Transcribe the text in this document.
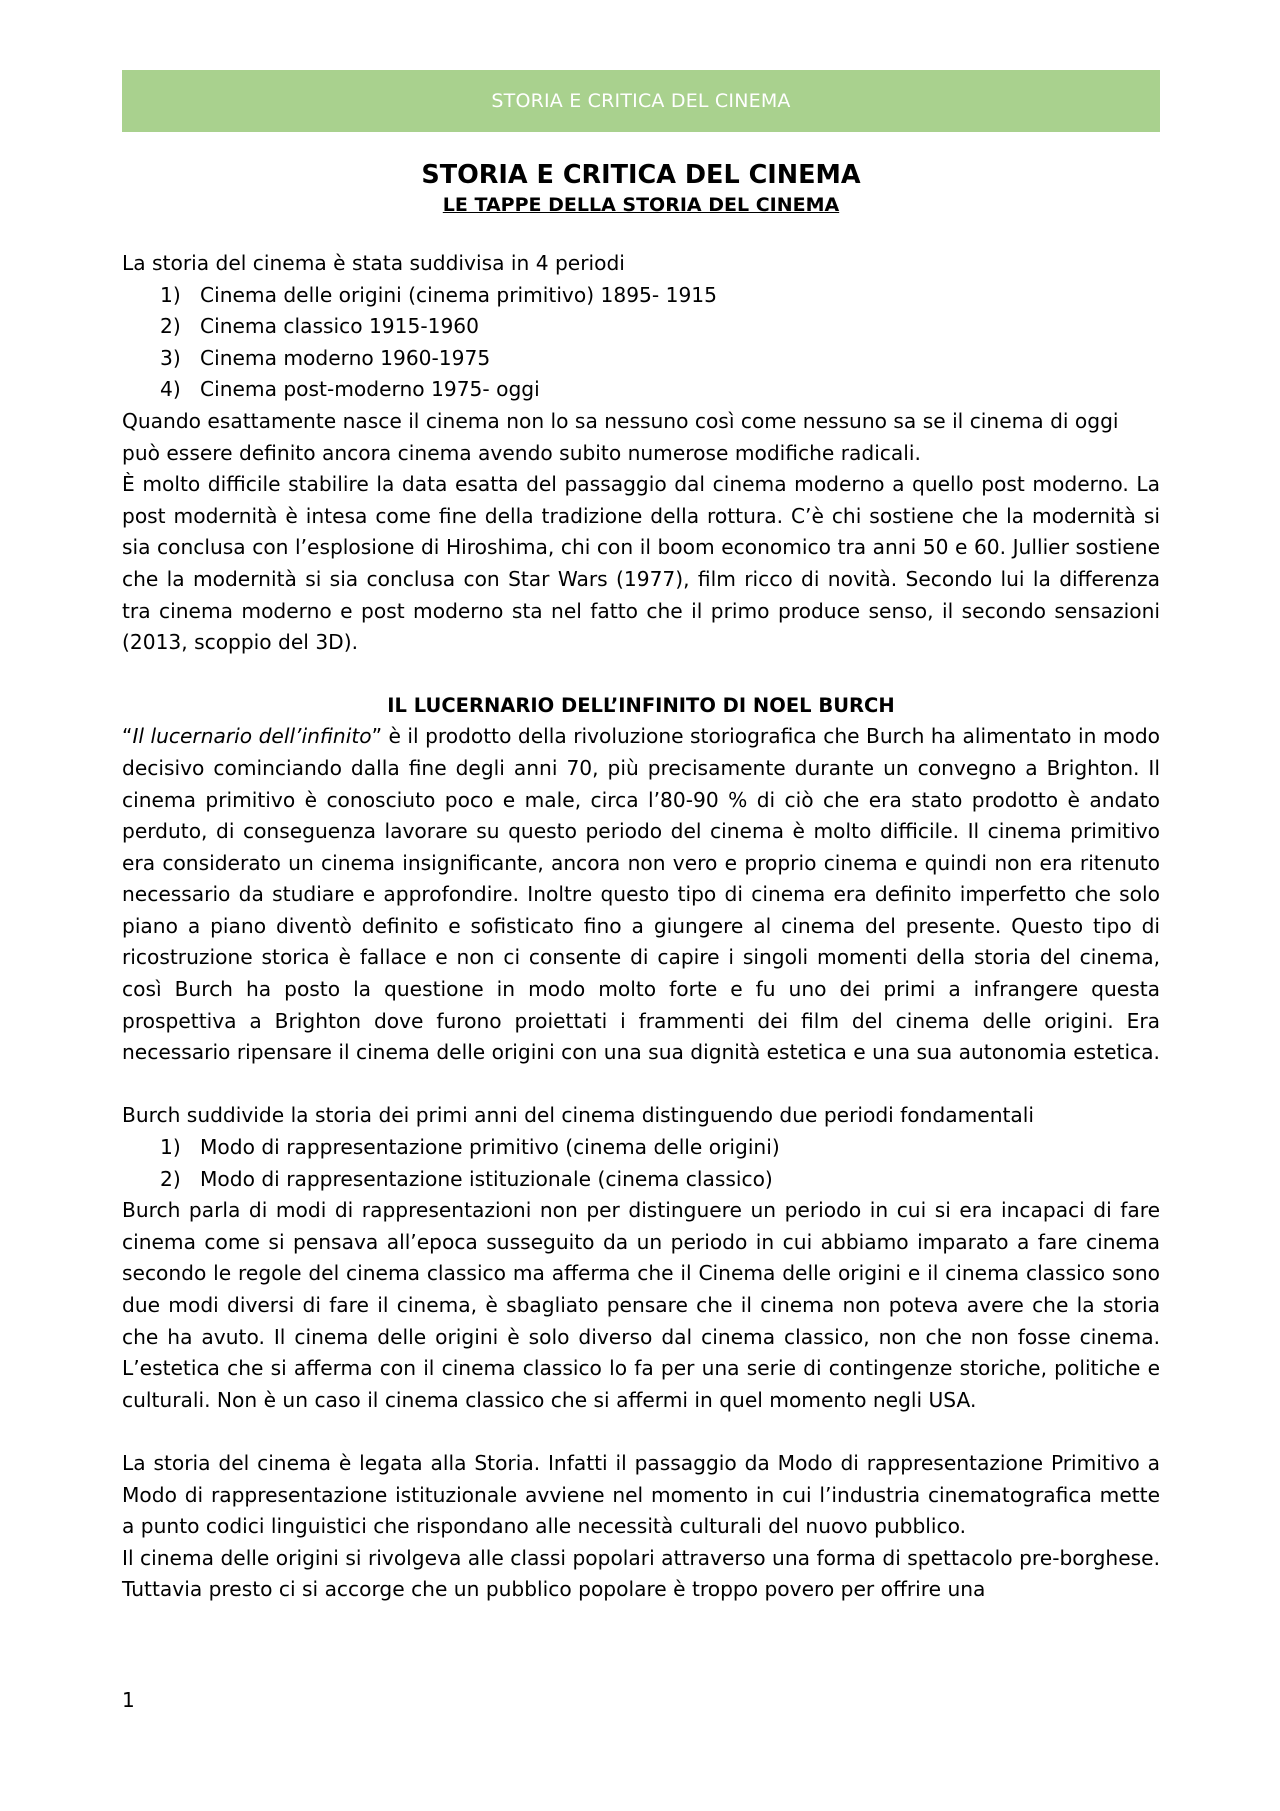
STORIA E CRITICA DEL CINEMA
STORIA E CRITICA DEL CINEMA
LE TAPPE DELLA STORIA DEL CINEMA

La storia del cinema è stata suddivisa in 4 periodi

1) Cinema delle origini (cinema primitivo) 1895- 1915
2) Cinema classico 1915-1960
3) Cinema moderno 1960-1975
4) Cinema post-moderno 1975- oggi

Quando esattamente nasce il cinema non lo sa nessuno così come nessuno sa se il cinema di oggi può essere definito ancora cinema avendo subito numerose modifiche radicali.

È molto difficile stabilire la data esatta del passaggio dal cinema moderno a quello post moderno. La post modernità è intesa come fine della tradizione della rottura. C’è chi sostiene che la modernità si sia conclusa con l’esplosione di Hiroshima, chi con il boom economico tra anni 50 e 60. Jullier sostiene che la modernità si sia conclusa con Star Wars (1977), film ricco di novità. Secondo lui la differenza tra cinema moderno e post moderno sta nel fatto che il primo produce senso, il secondo sensazioni (2013, scoppio del 3D).

IL LUCERNARIO DELL’INFINITO DI NOEL BURCH

“Il lucernario dell’infinito” è il prodotto della rivoluzione storiografica che Burch ha alimentato in modo decisivo cominciando dalla fine degli anni 70, più precisamente durante un convegno a Brighton. Il cinema primitivo è conosciuto poco e male, circa l’80-90 % di ciò che era stato prodotto è andato perduto, di conseguenza lavorare su questo periodo del cinema è molto difficile. Il cinema primitivo era considerato un cinema insignificante, ancora non vero e proprio cinema e quindi non era ritenuto necessario da studiare e approfondire. Inoltre questo tipo di cinema era definito imperfetto che solo piano a piano diventò definito e sofisticato fino a giungere al cinema del presente. Questo tipo di ricostruzione storica è fallace e non ci consente di capire i singoli momenti della storia del cinema, così Burch ha posto la questione in modo molto forte e fu uno dei primi a infrangere questa prospettiva a Brighton dove furono proiettati i frammenti dei film del cinema delle origini. Era necessario ripensare il cinema delle origini con una sua dignità estetica e una sua autonomia estetica.

Burch suddivide la storia dei primi anni del cinema distinguendo due periodi fondamentali

1) Modo di rappresentazione primitivo (cinema delle origini)
2) Modo di rappresentazione istituzionale (cinema classico)

Burch parla di modi di rappresentazioni non per distinguere un periodo in cui si era incapaci di fare cinema come si pensava all’epoca susseguito da un periodo in cui abbiamo imparato a fare cinema secondo le regole del cinema classico ma afferma che il Cinema delle origini e il cinema classico sono due modi diversi di fare il cinema, è sbagliato pensare che il cinema non poteva avere che la storia che ha avuto. Il cinema delle origini è solo diverso dal cinema classico, non che non fosse cinema. L’estetica che si afferma con il cinema classico lo fa per una serie di contingenze storiche, politiche e culturali. Non è un caso il cinema classico che si affermi in quel momento negli USA.

La storia del cinema è legata alla Storia. Infatti il passaggio da Modo di rappresentazione Primitivo a Modo di rappresentazione istituzionale avviene nel momento in cui l’industria cinematografica mette a punto codici linguistici che rispondano alle necessità culturali del nuovo pubblico.

Il cinema delle origini si rivolgeva alle classi popolari attraverso una forma di spettacolo pre-borghese. Tuttavia presto ci si accorge che un pubblico popolare è troppo povero per offrire una

1
